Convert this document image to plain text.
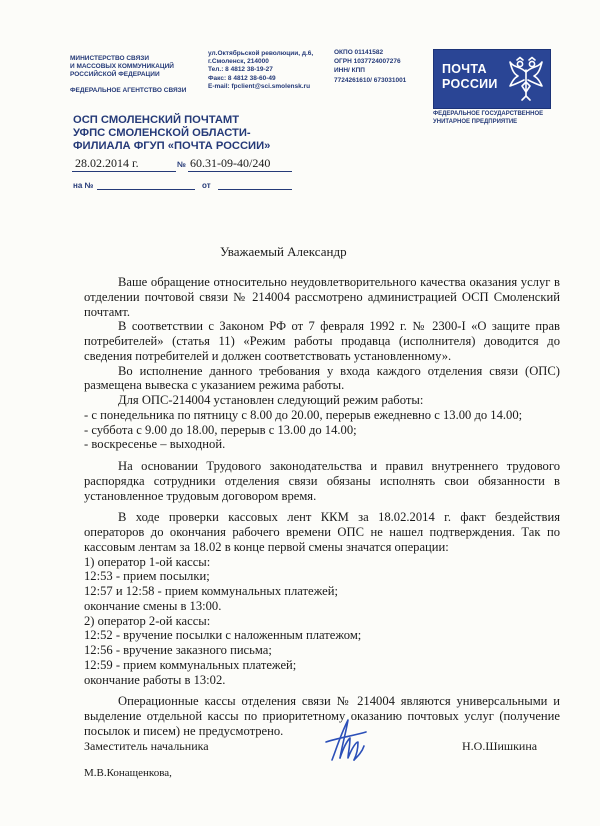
МИНИСТЕРСТВО СВЯЗИ
И МАССОВЫХ КОММУНИКАЦИЙ
РОССИЙСКОЙ ФЕДЕРАЦИИ
ФЕДЕРАЛЬНОЕ АГЕНТСТВО СВЯЗИ
ул.Октябрьской революции, д.6,
г.Смоленск, 214000
Тел.: 8 4812 38-19-27
Факс: 8 4812 38-60-49
E-mail: fpclient@sci.smolensk.ru
ОКПО 01141582
ОГРН 1037724007276
ИНН/ КПП
7724261610/ 673031001
ПОЧТА
РОССИИ
ФЕДЕРАЛЬНОЕ ГОСУДАРСТВЕННОЕ
УНИТАРНОЕ ПРЕДПРИЯТИЕ
ОСП СМОЛЕНСКИЙ ПОЧТАМТ
УФПС СМОЛЕНСКОЙ ОБЛАСТИ-
ФИЛИАЛА ФГУП «ПОЧТА РОССИИ»
28.02.2014 г.	№ 60.31-09-40/240
на №	от
Уважаемый Александр

Ваше обращение относительно неудовлетворительного качества оказания услуг в отделении почтовой связи № 214004 рассмотрено администрацией ОСП Смоленский почтамт.

В соответствии с Законом РФ от 7 февраля 1992 г. № 2300-I «О защите прав потребителей» (статья 11) «Режим работы продавца (исполнителя) доводится до сведения потребителей и должен соответствовать установленному».

Во исполнение данного требования у входа каждого отделения связи (ОПС) размещена вывеска с указанием режима работы.

Для ОПС-214004 установлен следующий режим работы:

- с понедельника по пятницу с 8.00 до 20.00, перерыв ежедневно с 13.00 до 14.00;

- суббота с 9.00 до 18.00, перерыв с 13.00 до 14.00;

- воскресенье – выходной.

На основании Трудового законодательства и правил внутреннего трудового распорядка сотрудники отделения связи обязаны исполнять свои обязанности в установленное трудовым договором время.

В ходе проверки кассовых лент ККМ за 18.02.2014 г. факт бездействия операторов до окончания рабочего времени ОПС не нашел подтверждения. Так по кассовым лентам за 18.02 в конце первой смены значатся операции:

1) оператор 1-ой кассы:

12:53 - прием посылки;

12:57 и 12:58 - прием коммунальных платежей;

окончание смены в 13:00.

2) оператор 2-ой кассы:

12:52 - вручение посылки с наложенным платежом;

12:56 - вручение заказного письма;

12:59 - прием коммунальных платежей;

окончание работы в 13:02.

Операционные кассы отделения связи № 214004 являются универсальными и выделение отдельной кассы по приоритетному оказанию почтовых услуг (получение посылок и писем) не предусмотрено.

Заместитель начальника	Н.О.Шишкина
М.В.Конащенкова,
